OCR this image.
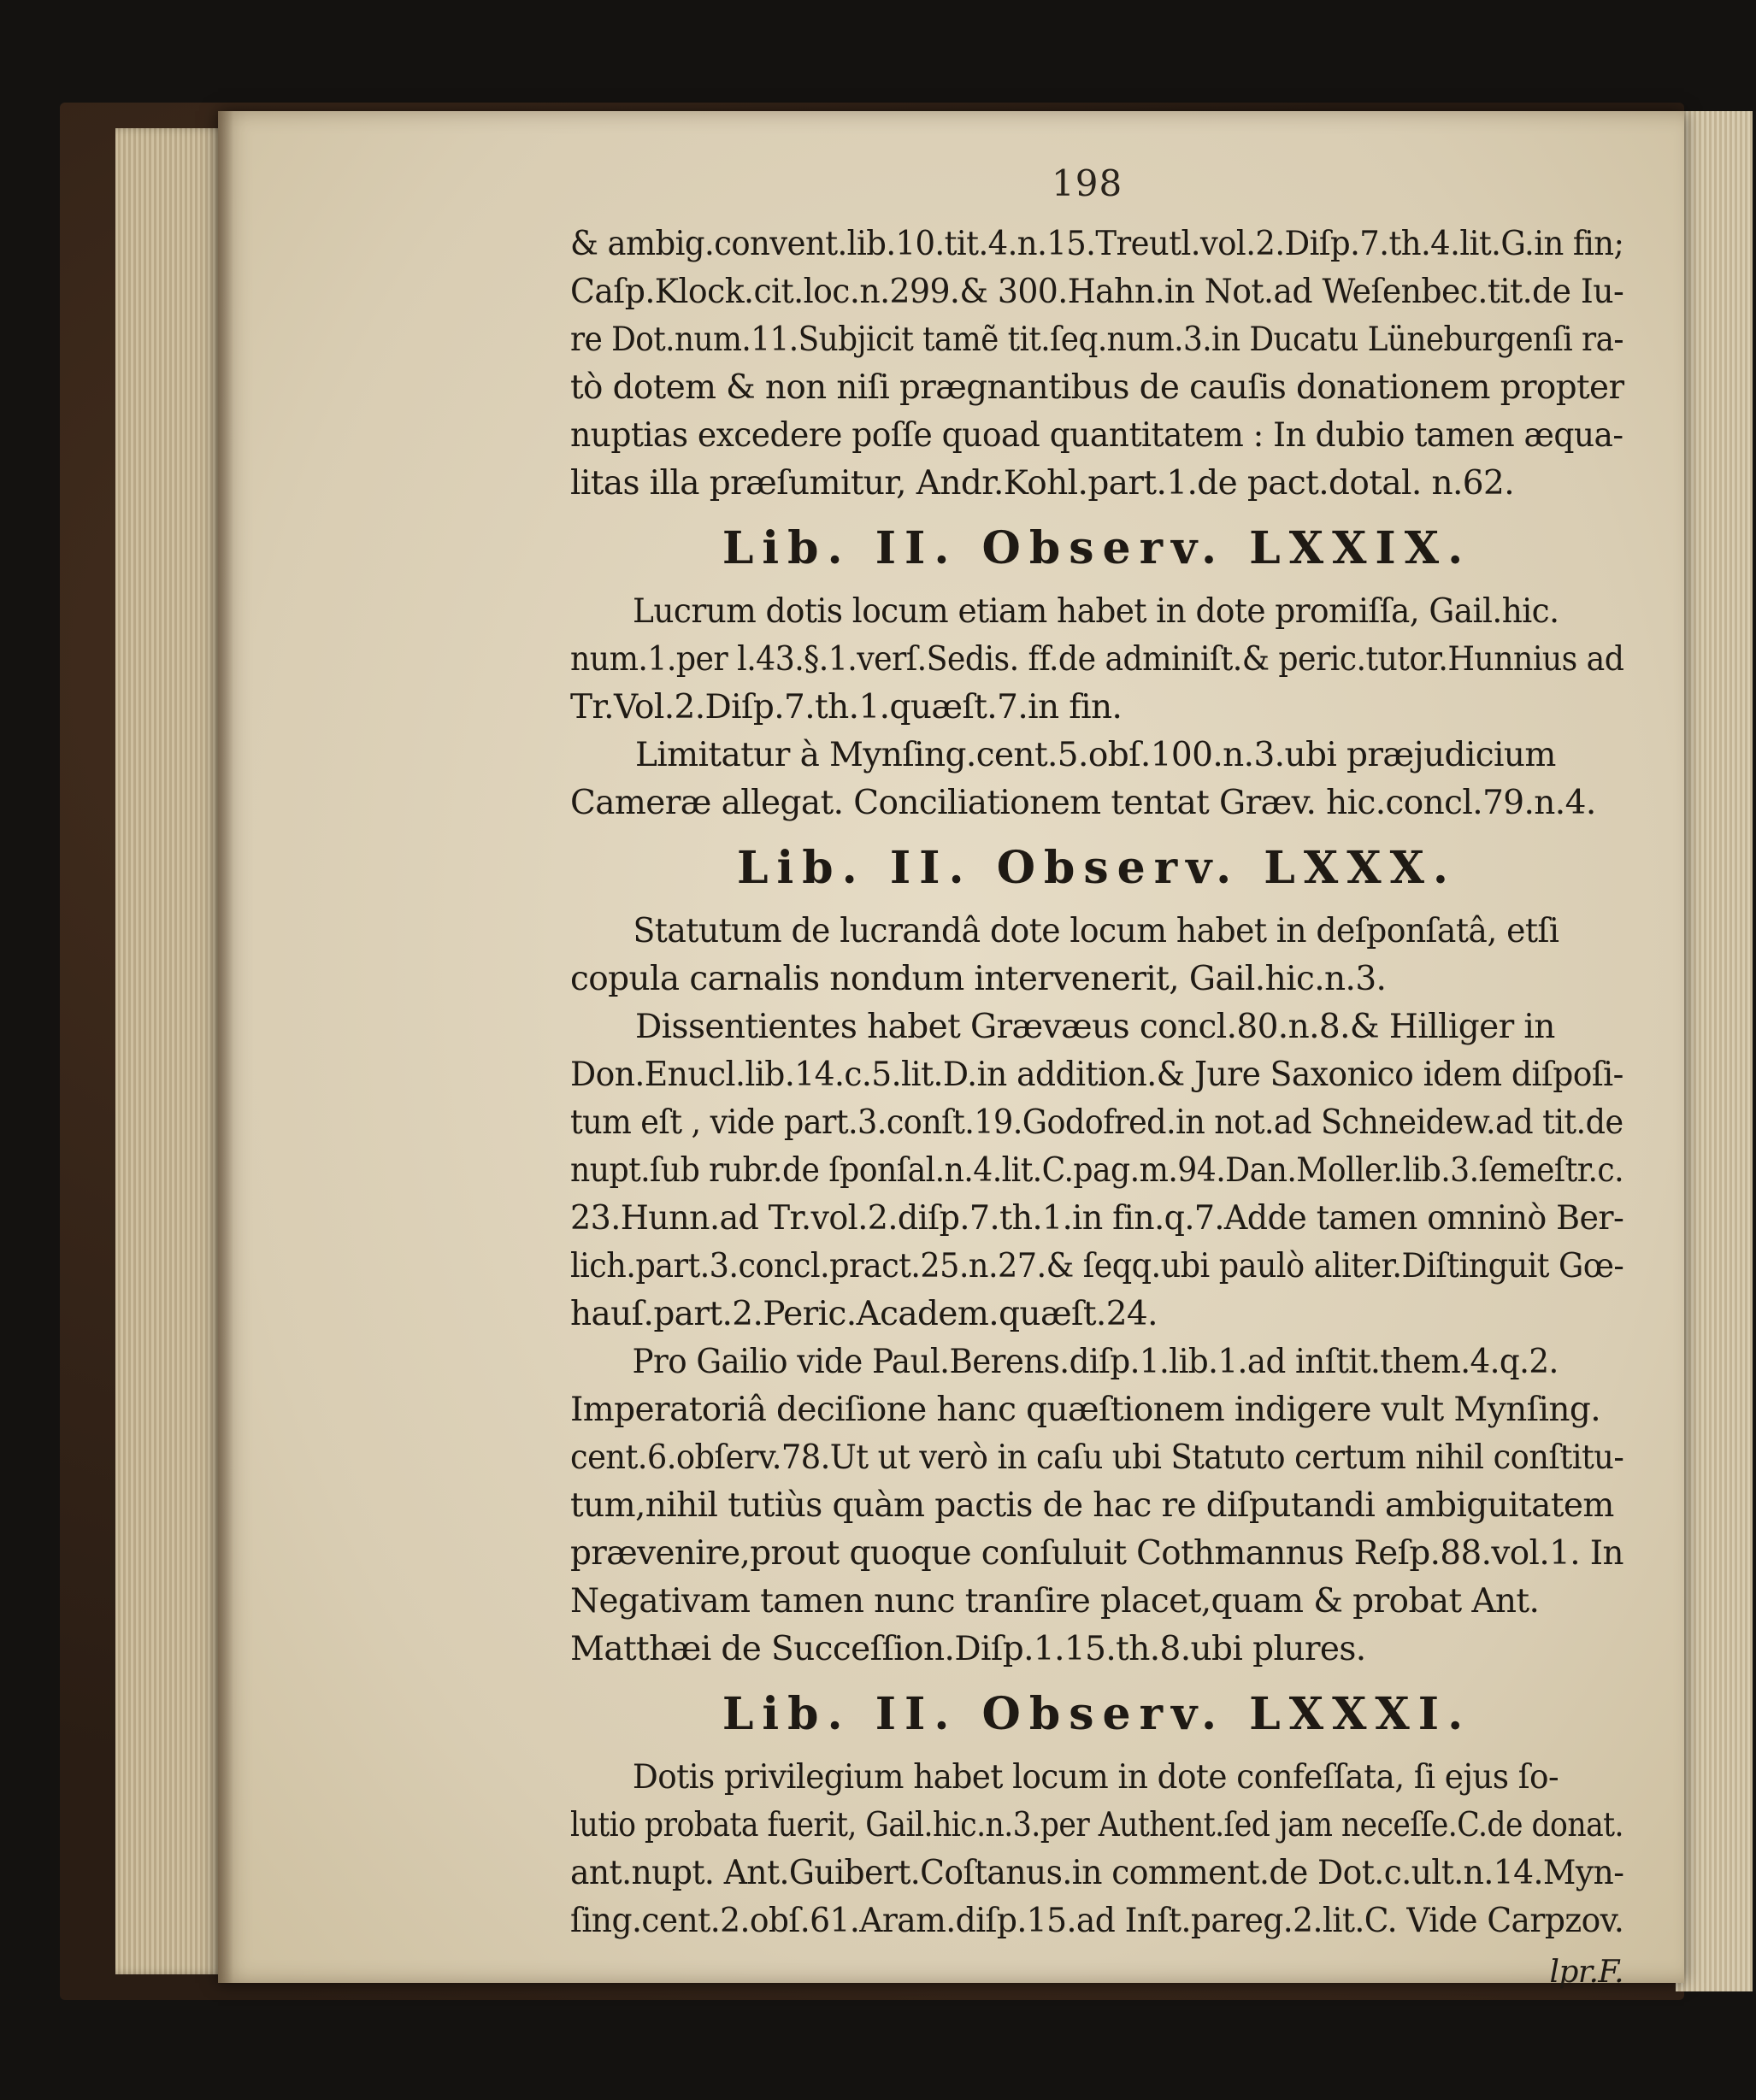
198
& ambig.convent.lib.10.tit.4.n.15.Treutl.vol.2.Diſp.7.th.4.lit.G.in fin;
Caſp.Klock.cit.loc.n.299.& 300.Hahn.in Not.ad Weſenbec.tit.de Iu-
re Dot.num.11.Subjicit tamẽ tit.ſeq.num.3.in Ducatu Lüneburgenſi ra-
tò dotem & non niſi prægnantibus de cauſis donationem propter
nuptias excedere poſſe quoad quantitatem : In dubio tamen æqua-
litas illa præſumitur, Andr.Kohl.part.1.de pact.dotal. n.62.
Lib. II. Observ. LXXIX.
Lucrum dotis locum etiam habet in dote promiſſa, Gail.hic.
num.1.per l.43.§.1.verſ.Sedis. ff.de adminiſt.& peric.tutor.Hunnius ad
Tr.Vol.2.Diſp.7.th.1.quæſt.7.in fin.
Limitatur à Mynſing.cent.5.obſ.100.n.3.ubi præjudicium
Cameræ allegat. Conciliationem tentat Græv. hic.concl.79.n.4.
Lib. II. Observ. LXXX.
Statutum de lucrandâ dote locum habet in deſponſatâ, etſi
copula carnalis nondum intervenerit, Gail.hic.n.3.
Dissentientes habet Grævæus concl.80.n.8.& Hilliger in
Don.Enucl.lib.14.c.5.lit.D.in addition.& Jure Saxonico idem diſpoſi-
tum eſt , vide part.3.conſt.19.Godofred.in not.ad Schneidew.ad tit.de
nupt.ſub rubr.de ſponſal.n.4.lit.C.pag.m.94.Dan.Moller.lib.3.ſemeſtr.c.
23.Hunn.ad Tr.vol.2.diſp.7.th.1.in fin.q.7.Adde tamen omninò Ber-
lich.part.3.concl.pract.25.n.27.& ſeqq.ubi paulò aliter.Diſtinguit Gœ-
hauſ.part.2.Peric.Academ.quæſt.24.
Pro Gailio vide Paul.Berens.diſp.1.lib.1.ad inſtit.them.4.q.2.
Imperatoriâ deciſione hanc quæſtionem indigere vult Mynſing.
cent.6.obſerv.78.Ut ut verò in caſu ubi Statuto certum nihil conſtitu-
tum,nihil tutiùs quàm pactis de hac re diſputandi ambiguitatem
prævenire,prout quoque conſuluit Cothmannus Reſp.88.vol.1. In
Negativam tamen nunc tranſire placet,quam & probat Ant.
Matthæi de Succeſſion.Diſp.1.15.th.8.ubi plures.
Lib. II. Observ. LXXXI.
Dotis privilegium habet locum in dote confeſſata, ſi ejus ſo-
lutio probata fuerit, Gail.hic.n.3.per Authent.ſed jam neceſſe.C.de donat.
ant.nupt. Ant.Guibert.Coſtanus.in comment.de Dot.c.ult.n.14.Myn-
ſing.cent.2.obſ.61.Aram.diſp.15.ad Inſt.pareg.2.lit.C. Vide Carpzov.
lpr.F.
